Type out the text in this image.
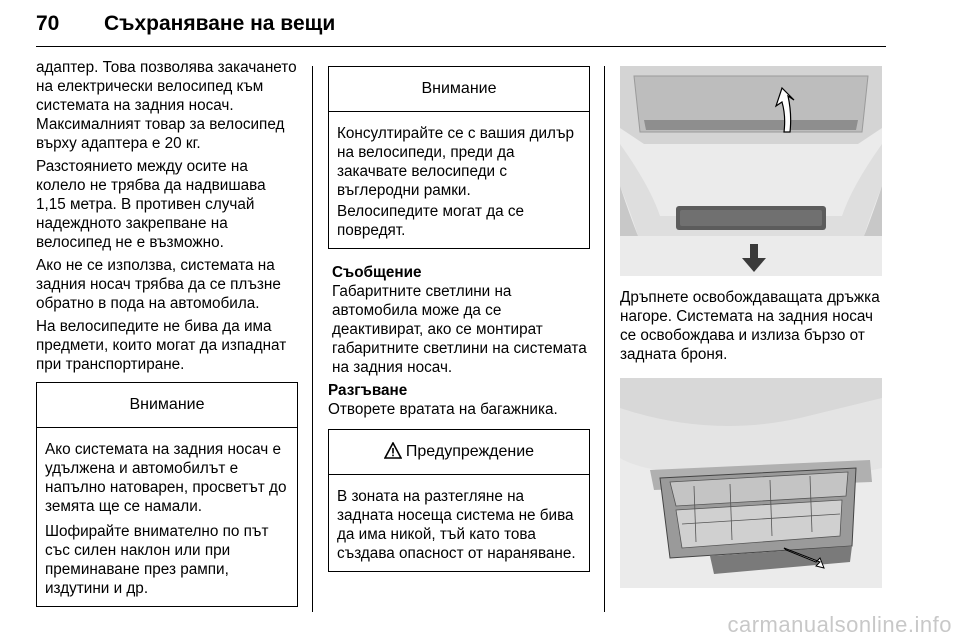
70 Съхраняване на вещи

адаптер. Това позволява закачането на електрически велосипед към системата на задния носач. Максималният товар за велосипед върху адаптера е 20 кг.

Разстоянието между осите на колело не трябва да надвишава 1,15 метра. В противен случай надеждното закрепване на велосипед не е възможно.

Ако не се използва, системата на задния носач трябва да се плъзне обратно в пода на автомобила.

На велосипедите не бива да има предмети, които могат да изпаднат при транспортиране.

Внимание

Ако системата на задния носач е удължена и автомобилът е напълно натоварен, просветът до земята ще се намали.

Шофирайте внимателно по път със силен наклон или при преминаване през рампи, издутини и др.

Внимание

Консултирайте се с вашия дилър на велосипеди, преди да закачвате велосипеди с въглеродни рамки.

Велосипедите могат да се повредят.

Съобщение

Габаритните светлини на автомобила може да се деактивират, ако се монтират габаритните светлини на системата на задния носач.

Разгъване

Отворете вратата на багажника.

Предупреждение

В зоната на разтегляне на задната носеща система не бива да има никой, тъй като това създава опасност от нараняване.

Дръпнете освобождаващата дръжка нагоре. Системата на задния носач се освобождава и излиза бързо от задната броня.

carmanualsonline.info
